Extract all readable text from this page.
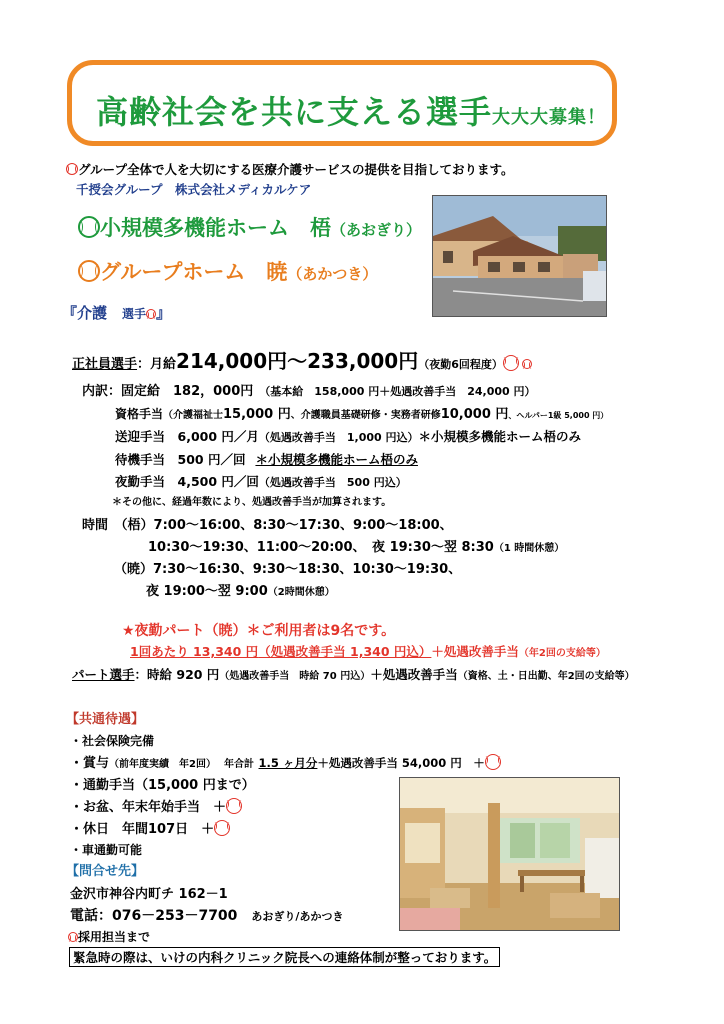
高齢社会を共に支える選手大大大募集！
グループ全体で人を大切にする医療介護サービスの提供を目指しております。
千授会グループ　株式会社メディカルケア
小規模多機能ホーム　梧（あおぎり）
グループホーム　暁（あかつき）
『介護　選手 』
正社員選手：月給214,000円～233,000円（夜勤6回程度）
内訳：固定給　182，000円 （基本給　158,000 円＋処遇改善手当　24,000 円）
資格手当（介護福祉士15,000 円、介護職員基礎研修・実務者研修10,000 円、ヘルパー1級 5,000 円）
送迎手当　6,000 円／月（処遇改善手当　1,000 円込）＊小規模多機能ホーム梧のみ
待機手当　500 円／回 ＊小規模多機能ホーム梧のみ
夜勤手当　4,500 円／回（処遇改善手当　500 円込）
＊その他に、経過年数により、処遇改善手当が加算されます。
時間　 （梧）7:00～16:00、8:30～17:30、9:00～18:00、
10:30～19:30、11:00～20:00、　 夜 19:30～翌 8:30（1 時間休憩）
（暁）7:30～16:30、9:30～18:30、10:30～19:30、
夜 19:00～翌 9:00（2時間休憩）
★夜勤パート（暁）＊ご利用者は9名です。
1回あたり 13,340 円（処遇改善手当 1,340 円込）＋処遇改善手当（年2回の支給等）
パート選手：時給 920 円（処遇改善手当　時給 70 円込）＋処遇改善手当（資格、土・日出勤、年2回の支給等）
【共通待遇】
・社会保険完備
・賞与（前年度実績　年2回）　 年合計 1.5 ヶ月分＋処遇改善手当 54,000 円　＋
・通勤手当（15,000 円まで）
・お盆、年末年始手当　＋
・休日　年間107日　＋
・車通勤可能
【問合せ先】
金沢市神谷内町チ 162－1
電話：076－253－7700　 あおぎり/あかつき
採用担当まで
緊急時の際は、いけの内科クリニック院長への連絡体制が整っております。
